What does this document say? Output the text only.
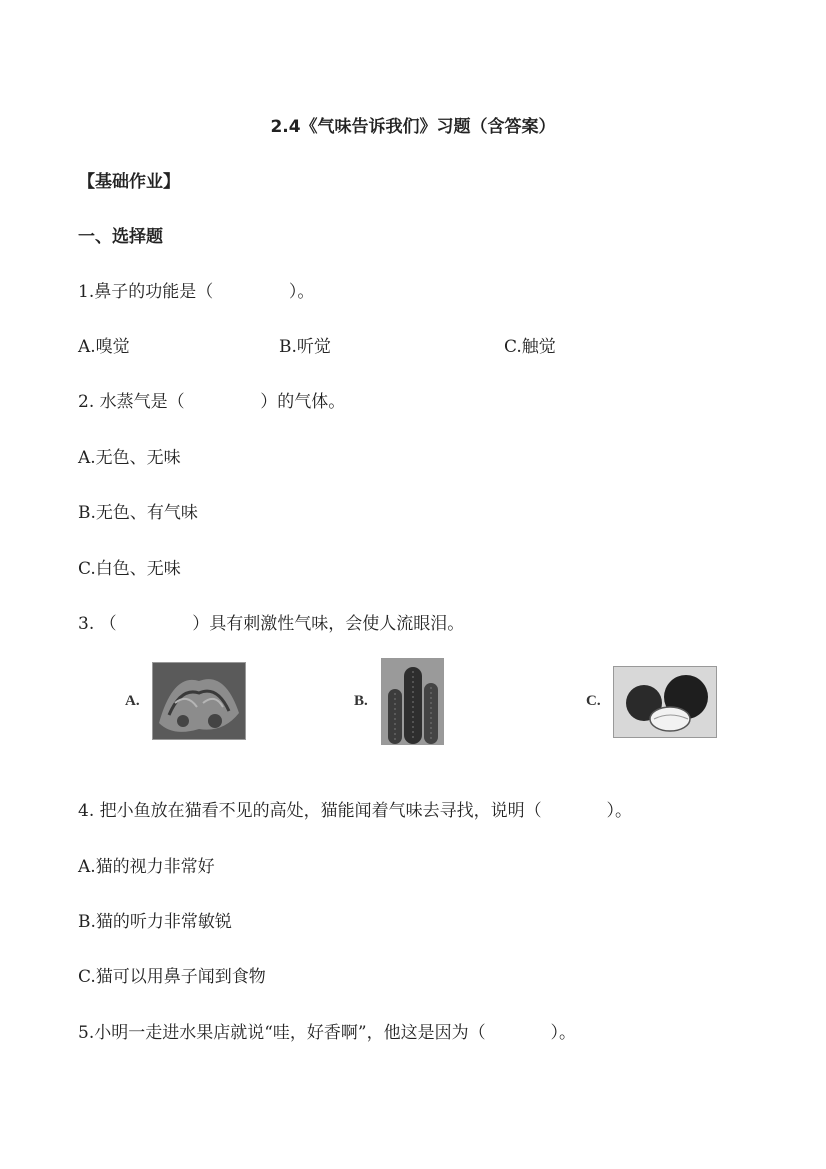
2.4《气味告诉我们》习题（含答案）
【基础作业】
一、选择题
1.鼻子的功能是（              ）。
A.嗅觉	B.听觉	C.触觉
2. 水蒸气是（              ）的气体。
A.无色、无味
B.无色、有气味
C.白色、无味
3. （              ）具有刺激性气味，会使人流眼泪。
A.	B.	C.
4. 把小鱼放在猫看不见的高处，猫能闻着气味去寻找，说明（            ）。
A.猫的视力非常好
B.猫的听力非常敏锐
C.猫可以用鼻子闻到食物
5.小明一走进水果店就说“哇，好香啊”，他这是因为（            ）。
